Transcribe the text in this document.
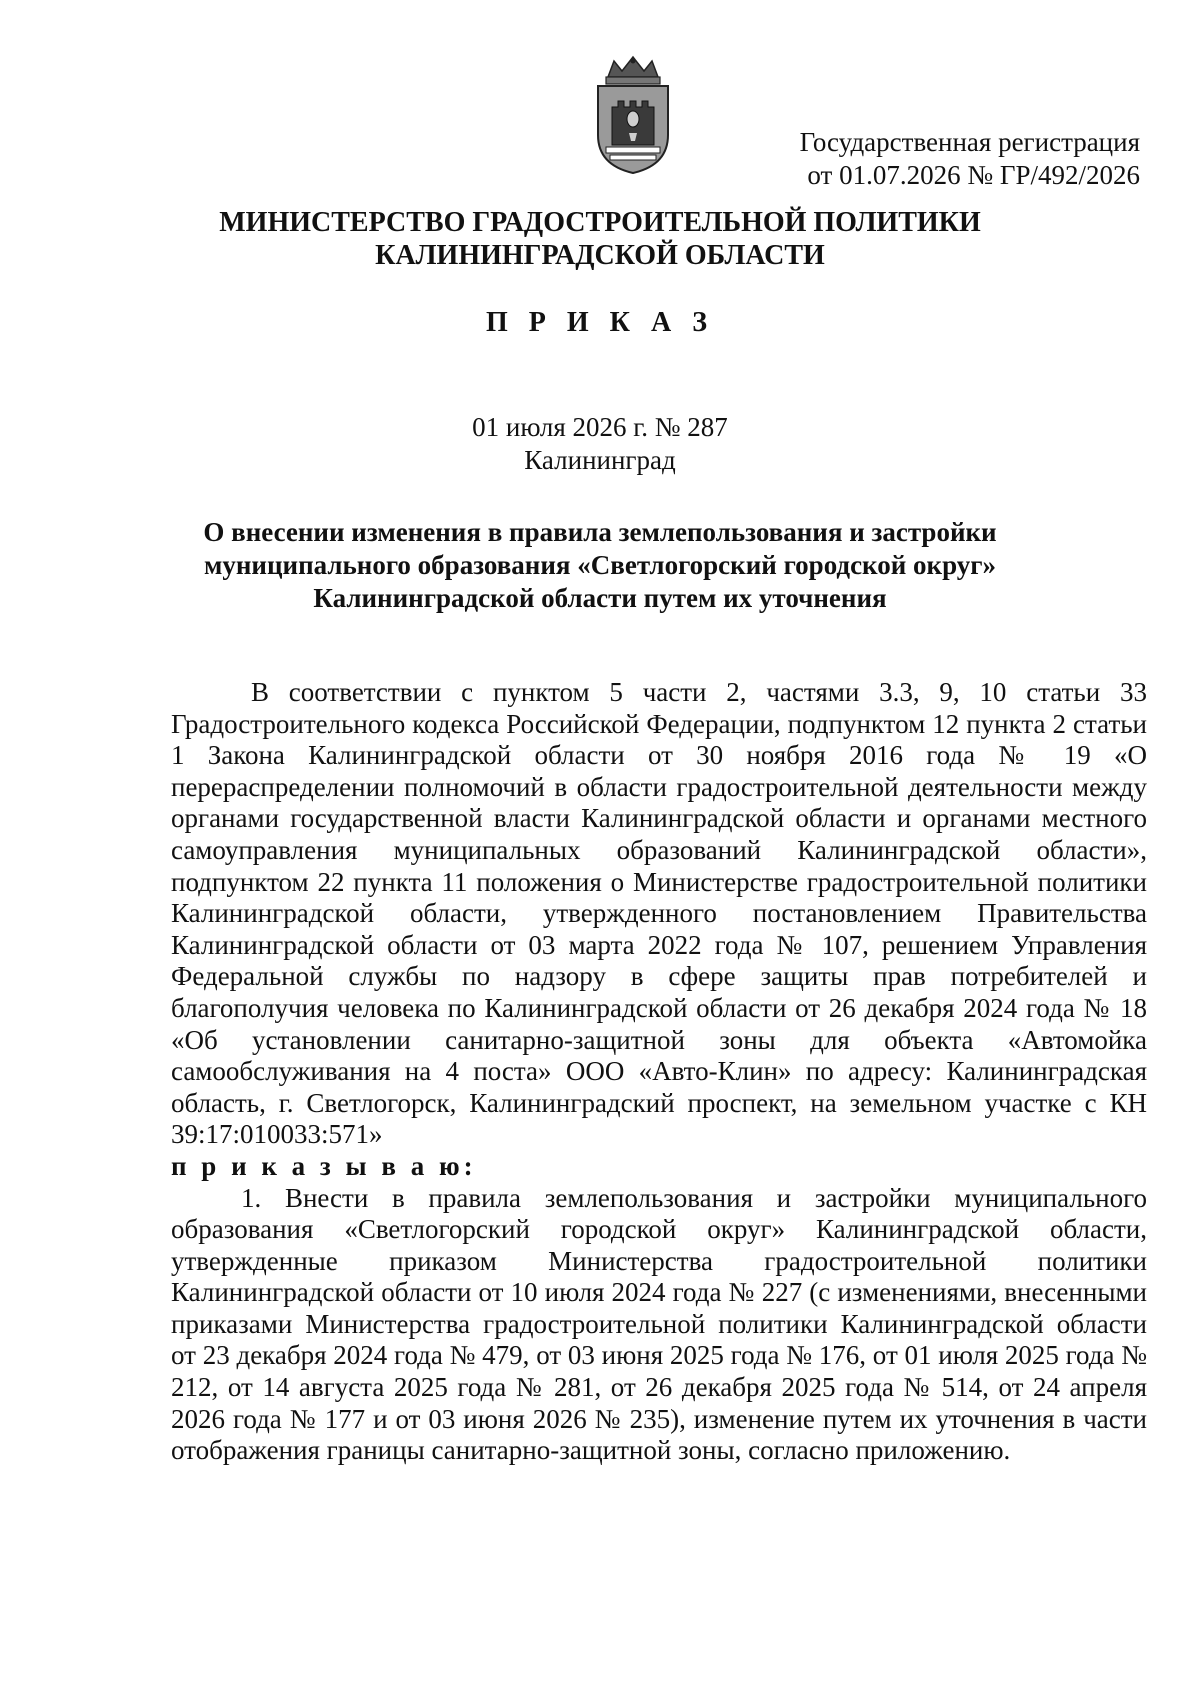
Государственная регистрация
от 01.07.2026 № ГР/492/2026
МИНИСТЕРСТВО ГРАДОСТРОИТЕЛЬНОЙ ПОЛИТИКИ
КАЛИНИНГРАДСКОЙ ОБЛАСТИ
П Р И К А З
01 июля 2026 г. № 287
Калининград
О внесении изменения в правила землепользования и застройки
муниципального образования «Светлогорский городской округ»
Калининградской области путем их уточнения

В соответствии с пунктом 5 части 2, частями 3.3, 9, 10 статьи 33 Градостроительного кодекса Российской Федерации, подпунктом 12 пункта 2 статьи 1 Закона Калининградской области от 30 ноября 2016 года № 19 «О перераспределении полномочий в области градостроительной деятельности между органами государственной власти Калининградской области и органами местного самоуправления муниципальных образований Калининградской области», подпунктом 22 пункта 11 положения о Министерстве градостроительной политики Калининградской области, утвержденного постановлением Правительства Калининградской области от 03 марта 2022 года № 107, решением Управления Федеральной службы по надзору в сфере защиты прав потребителей и благополучия человека по Калининградской области от 26 декабря 2024 года № 18 «Об установлении санитарно-защитной зоны для объекта «Автомойка самообслуживания на 4 поста» ООО «Авто-Клин» по адресу: Калининградская область, г. Светлогорск, Калининградский проспект, на земельном участке с КН 39:17:010033:571»

п р и к а з ы в а ю:

1. Внести в правила землепользования и застройки муниципального образования «Светлогорский городской округ» Калининградской области, утвержденные приказом Министерства градостроительной политики Калининградской области от 10 июля 2024 года № 227 (с изменениями, внесенными приказами Министерства градостроительной политики Калининградской области от 23 декабря 2024 года № 479, от 03 июня 2025 года № 176, от 01 июля 2025 года № 212, от 14 августа 2025 года № 281, от 26 декабря 2025 года № 514, от 24 апреля 2026 года № 177 и от 03 июня 2026 № 235), изменение путем их уточнения в части отображения границы санитарно-защитной зоны, согласно приложению.
